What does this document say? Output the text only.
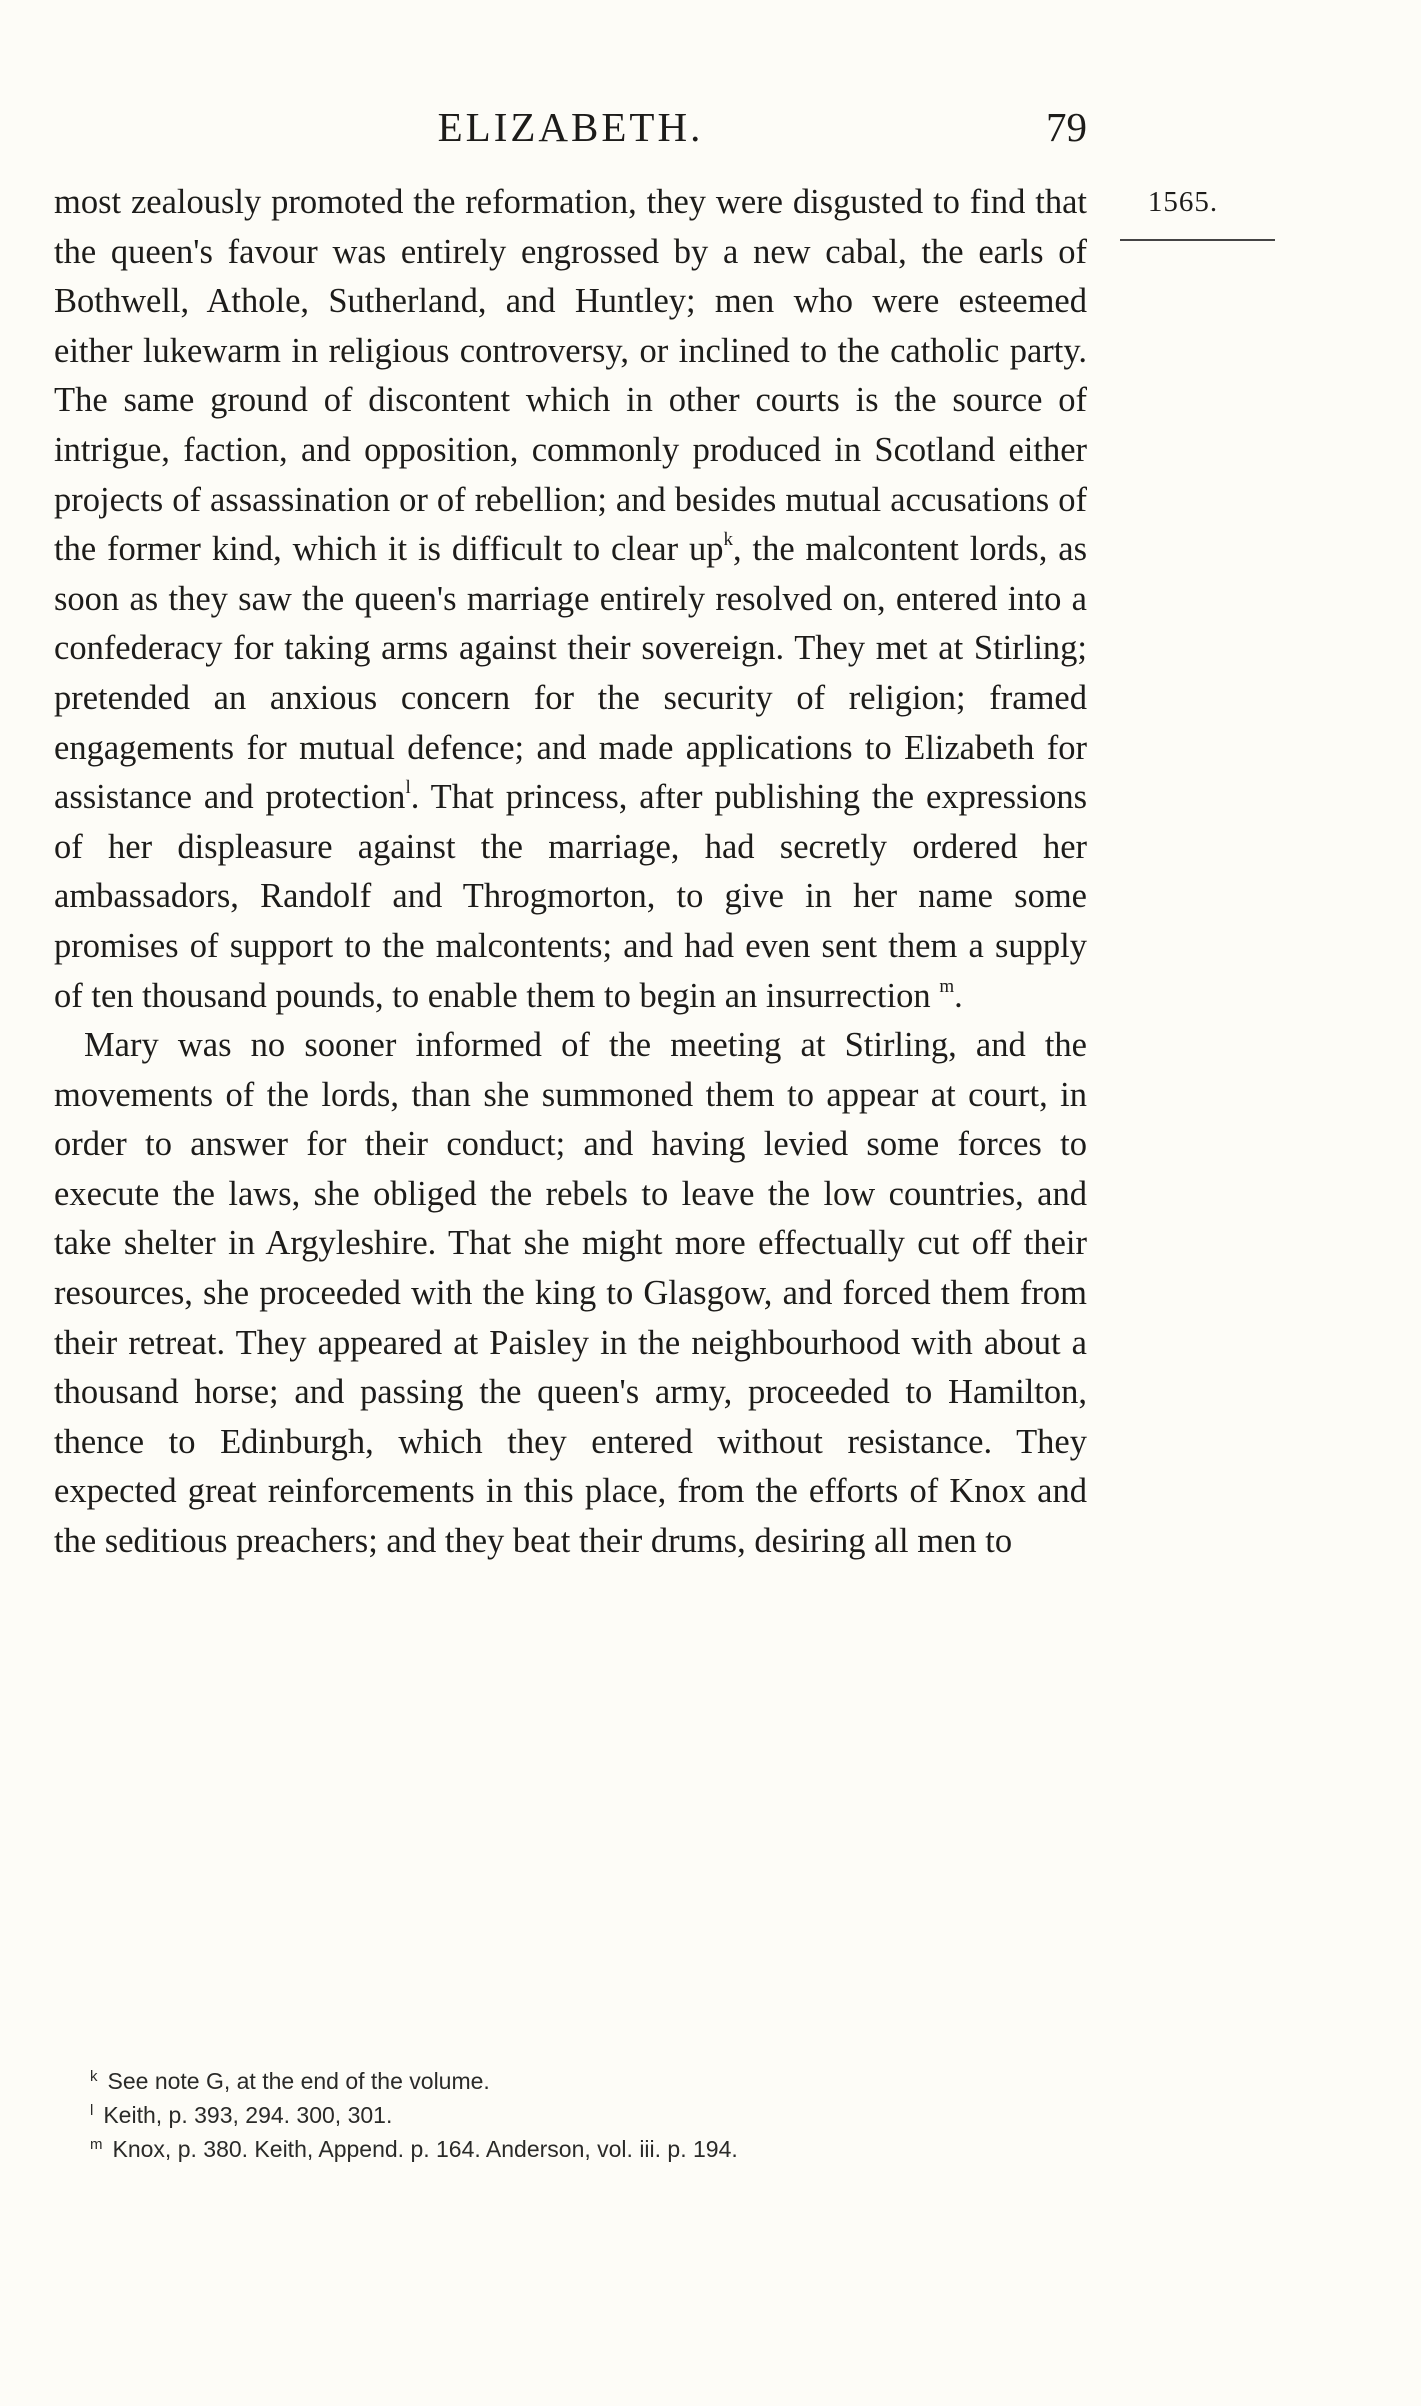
ELIZABETH.	79
1565.

most zealously promoted the reformation, they were disgusted to find that the queen's favour was entirely engrossed by a new cabal, the earls of Bothwell, Athole, Sutherland, and Huntley; men who were esteemed either lukewarm in religious controversy, or inclined to the catholic party. The same ground of discontent which in other courts is the source of intrigue, faction, and opposition, commonly produced in Scotland either projects of assassination or of rebellion; and besides mutual accusations of the former kind, which it is difficult to clear $up^k$, the malcontent lords, as soon as they saw the queen's marriage entirely resolved on, entered into a confederacy for taking arms against their sovereign. They met at Stirling; pretended an anxious concern for the security of religion; framed engagements for mutual defence; and made applications to Elizabeth for assistance and protection$^l$. That princess, after publishing the expressions of her displeasure against the marriage, had secretly ordered her ambassadors, Randolf and Throgmorton, to give in her name some promises of support to the malcontents; and had even sent them a supply of ten thousand pounds, to enable them to begin an insurrection $^m$.

Mary was no sooner informed of the meeting at Stirling, and the movements of the lords, than she summoned them to appear at court, in order to answer for their conduct; and having levied some forces to execute the laws, she obliged the rebels to leave the low countries, and take shelter in Argyleshire. That she might more effectually cut off their resources, she proceeded with the king to Glasgow, and forced them from their retreat. They appeared at Paisley in the neighbourhood with about a thousand horse; and passing the queen's army, proceeded to Hamilton, thence to Edinburgh, which they entered without resistance. They expected great reinforcements in this place, from the efforts of Knox and the seditious preachers; and they beat their drums, desiring all men to

$^k$ See note G, at the end of the volume.
$^l$ Keith, p. 393, 294. 300, 301.
$^m$ Knox, p. 380. Keith, Append. p. 164. Anderson, vol. iii. p. 194.
